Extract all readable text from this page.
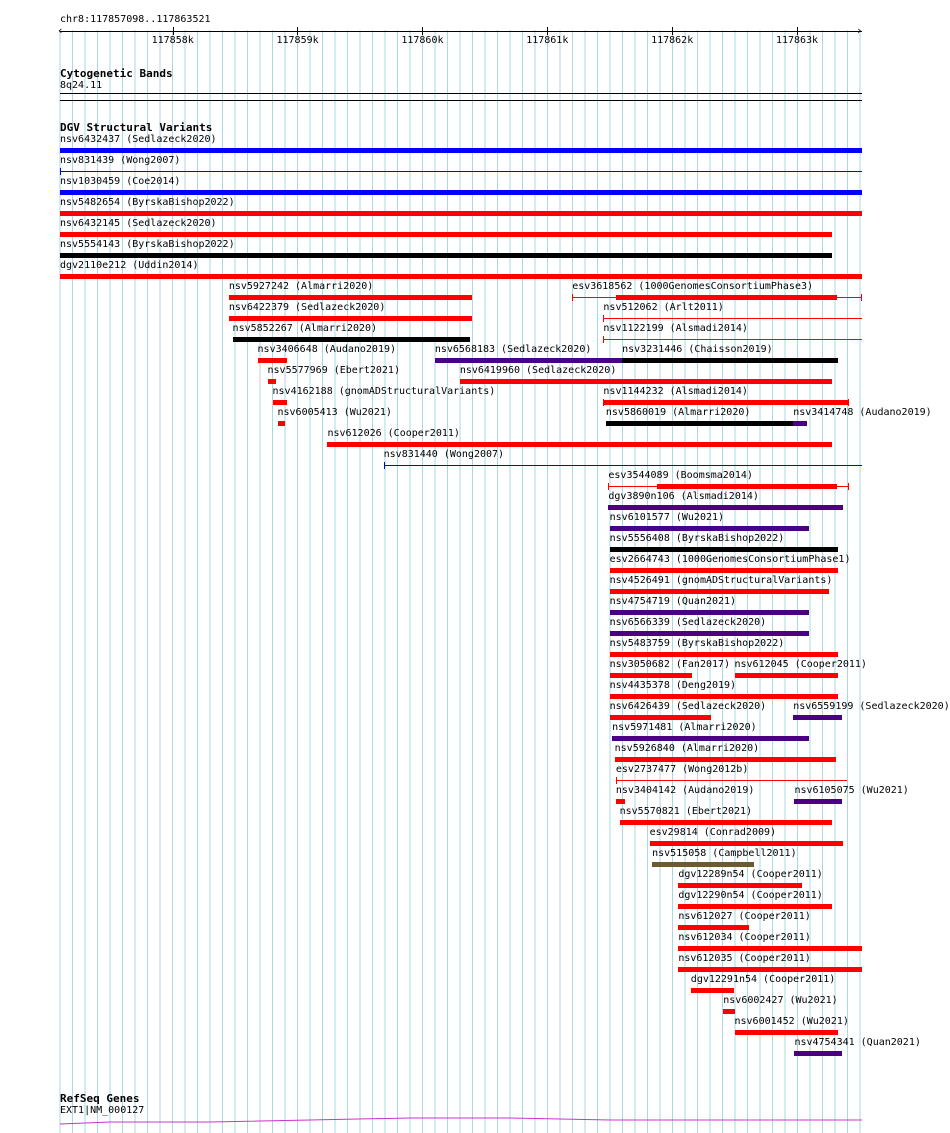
chr8:117857098..117863521
‹	›
117858k	117859k	117860k	117861k	117862k	117863k
Cytogenetic Bands
8q24.11
DGV Structural Variants
nsv6432437 (Sedlazeck2020)
nsv831439 (Wong2007)
nsv1030459 (Coe2014)
nsv5482654 (ByrskaBishop2022)
nsv6432145 (Sedlazeck2020)
nsv5554143 (ByrskaBishop2022)
dgv2110e212 (Uddin2014)
nsv5927242 (Almarri2020)	esv3618562 (1000GenomesConsortiumPhase3)
nsv6422379 (Sedlazeck2020)	nsv512062 (Arlt2011)
nsv5852267 (Almarri2020)	nsv1122199 (Alsmadi2014)
nsv3406648 (Audano2019)	nsv6568183 (Sedlazeck2020)	nsv3231446 (Chaisson2019)
nsv5577969 (Ebert2021)	nsv6419960 (Sedlazeck2020)
nsv4162188 (gnomADStructuralVariants)	nsv1144232 (Alsmadi2014)
nsv6005413 (Wu2021)	nsv5860019 (Almarri2020)	nsv3414748 (Audano2019)
nsv612026 (Cooper2011)
nsv831440 (Wong2007)
esv3544089 (Boomsma2014)
dgv3890n106 (Alsmadi2014)
nsv6101577 (Wu2021)
nsv5556408 (ByrskaBishop2022)
esv2664743 (1000GenomesConsortiumPhase1)
nsv4526491 (gnomADStructuralVariants)
nsv4754719 (Quan2021)
nsv6566339 (Sedlazeck2020)
nsv5483759 (ByrskaBishop2022)
nsv3050682 (Fan2017) nsv612045 (Cooper2011)
nsv4435378 (Deng2019)
nsv6426439 (Sedlazeck2020)	nsv6559199 (Sedlazeck2020)
nsv5971481 (Almarri2020)
nsv5926840 (Almarri2020)
esv2737477 (Wong2012b)
nsv3404142 (Audano2019)	nsv6105075 (Wu2021)
nsv5570821 (Ebert2021)
esv29814 (Conrad2009)
nsv515058 (Campbell2011)
dgv12289n54 (Cooper2011)
dgv12290n54 (Cooper2011)
nsv612027 (Cooper2011)
nsv612034 (Cooper2011)
nsv612035 (Cooper2011)
dgv12291n54 (Cooper2011)
nsv6002427 (Wu2021)
nsv6001452 (Wu2021)
nsv4754341 (Quan2021)
RefSeq Genes
EXT1|NM_000127
